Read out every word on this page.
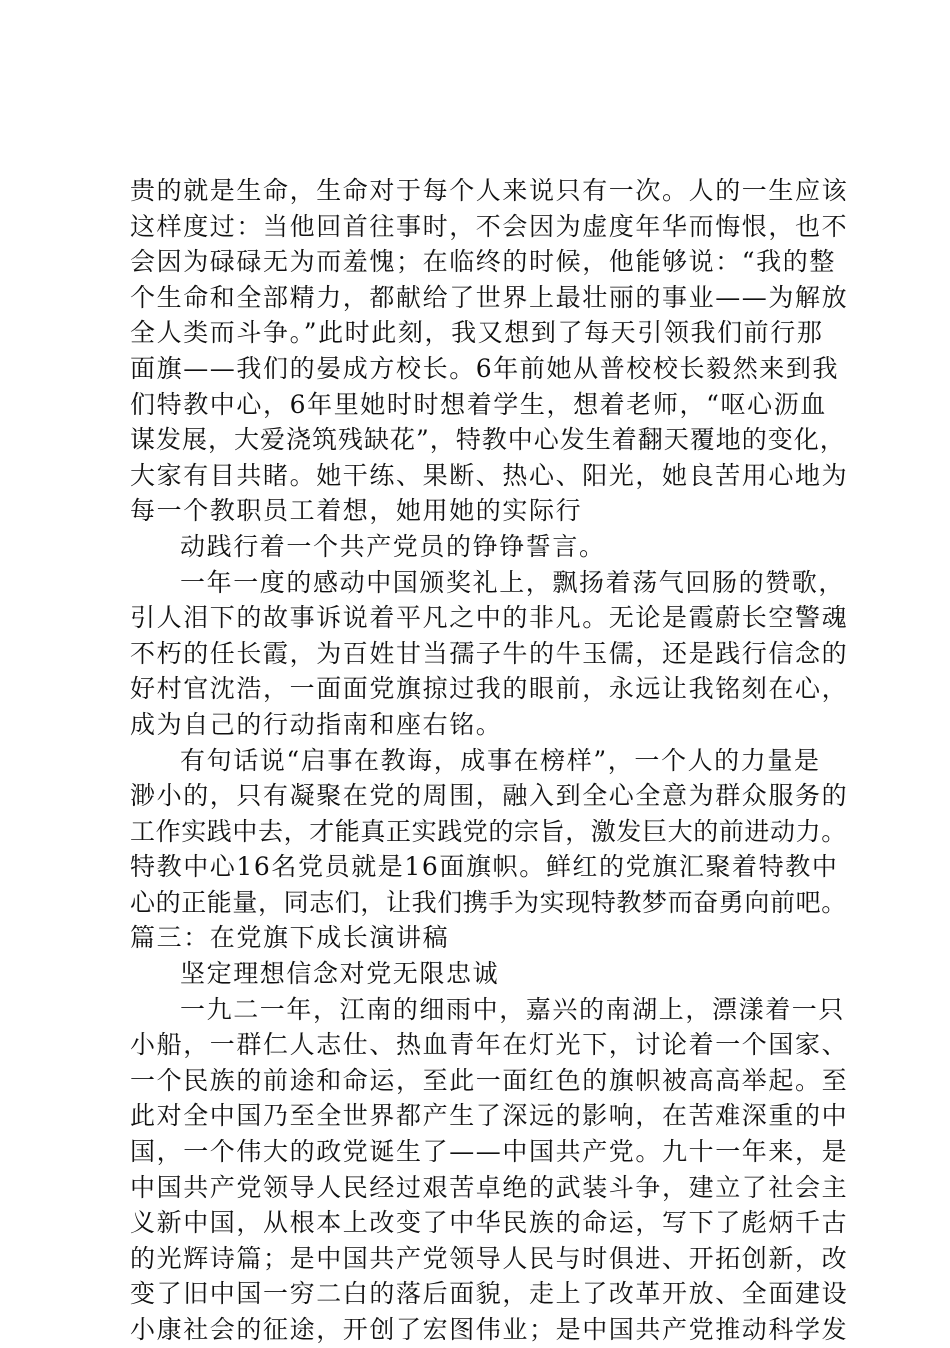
贵的就是生命，生命对于每个人来说只有一次。人的一生应该
这样度过：当他回首往事时，不会因为虚度年华而悔恨，也不
会因为碌碌无为而羞愧；在临终的时候，他能够说：“我的整
个生命和全部精力，都献给了世界上最壮丽的事业——为解放
全人类而斗争。”此时此刻，我又想到了每天引领我们前行那
面旗——我们的晏成方校长。6年前她从普校校长毅然来到我
们特教中心，6年里她时时想着学生，想着老师，“呕心沥血
谋发展，大爱浇筑残缺花”，特教中心发生着翻天覆地的变化，
大家有目共睹。她干练、果断、热心、阳光，她良苦用心地为
每一个教职员工着想，她用她的实际行
动践行着一个共产党员的铮铮誓言。
一年一度的感动中国颁奖礼上，飘扬着荡气回肠的赞歌，
引人泪下的故事诉说着平凡之中的非凡。无论是霞蔚长空警魂
不朽的任长霞，为百姓甘当孺子牛的牛玉儒，还是践行信念的
好村官沈浩，一面面党旗掠过我的眼前，永远让我铭刻在心，
成为自己的行动指南和座右铭。
有句话说“启事在教诲，成事在榜样”，一个人的力量是
渺小的，只有凝聚在党的周围，融入到全心全意为群众服务的
工作实践中去，才能真正实践党的宗旨，激发巨大的前进动力。
特教中心16名党员就是16面旗帜。鲜红的党旗汇聚着特教中
心的正能量，同志们，让我们携手为实现特教梦而奋勇向前吧。
篇三：在党旗下成长演讲稿
坚定理想信念对党无限忠诚
一九二一年，江南的细雨中，嘉兴的南湖上，漂漾着一只
小船，一群仁人志仕、热血青年在灯光下，讨论着一个国家、
一个民族的前途和命运，至此一面红色的旗帜被高高举起。至
此对全中国乃至全世界都产生了深远的影响，在苦难深重的中
国，一个伟大的政党诞生了——中国共产党。九十一年来，是
中国共产党领导人民经过艰苦卓绝的武装斗争，建立了社会主
义新中国，从根本上改变了中华民族的命运，写下了彪炳千古
的光辉诗篇；是中国共产党领导人民与时俱进、开拓创新，改
变了旧中国一穷二白的落后面貌，走上了改革开放、全面建设
小康社会的征途，开创了宏图伟业；是中国共产党推动科学发
